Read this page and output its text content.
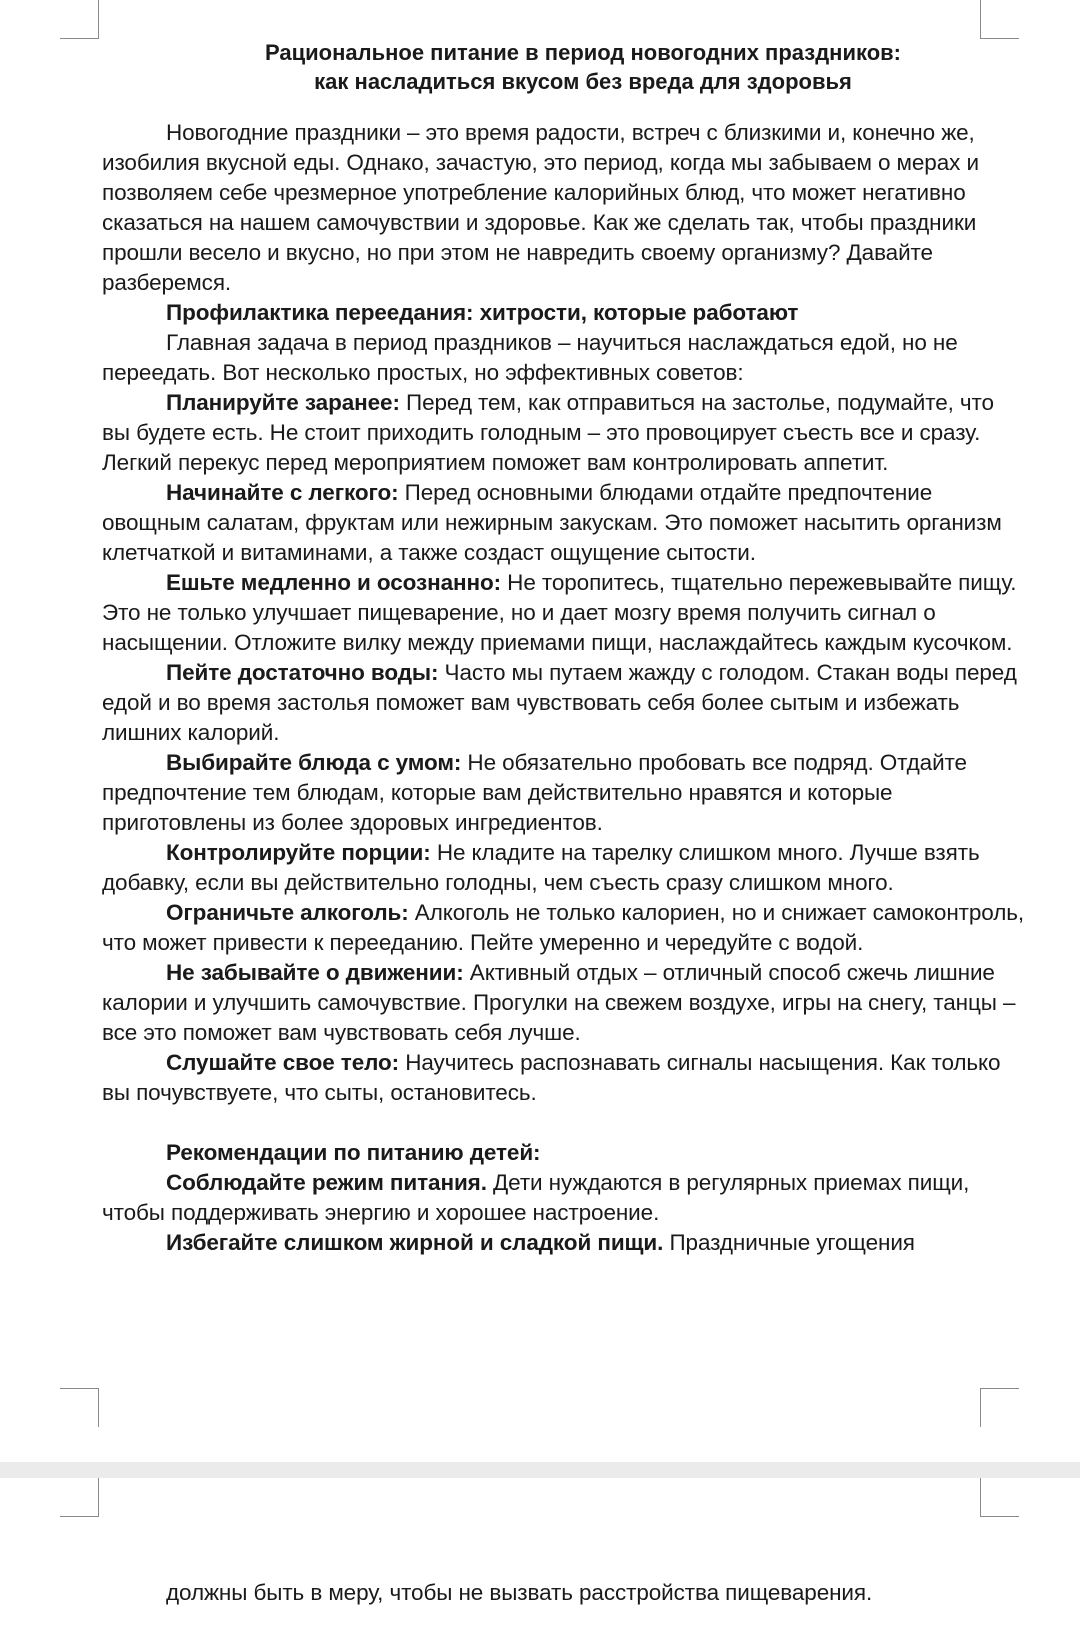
Рациональное питание в период новогодних праздников:
как насладиться вкусом без вреда для здоровья

Новогодние праздники – это время радости, встреч с близкими и, конечно же, изобилия вкусной еды. Однако, зачастую, это период, когда мы забываем о мерах и позволяем себе чрезмерное употребление калорийных блюд, что может негативно сказаться на нашем самочувствии и здоровье. Как же сделать так, чтобы праздники прошли весело и вкусно, но при этом не навредить своему организму? Давайте разберемся.

Профилактика переедания: хитрости, которые работают

Главная задача в период праздников – научиться наслаждаться едой, но не переедать. Вот несколько простых, но эффективных советов:

Планируйте заранее: Перед тем, как отправиться на застолье, подумайте, что вы будете есть. Не стоит приходить голодным – это провоцирует съесть все и сразу. Легкий перекус перед мероприятием поможет вам контролировать аппетит.

Начинайте с легкого: Перед основными блюдами отдайте предпочтение овощным салатам, фруктам или нежирным закускам. Это поможет насытить организм клетчаткой и витаминами, а также создаст ощущение сытости.

Ешьте медленно и осознанно: Не торопитесь, тщательно пережевывайте пищу. Это не только улучшает пищеварение, но и дает мозгу время получить сигнал о насыщении. Отложите вилку между приемами пищи, наслаждайтесь каждым кусочком.

Пейте достаточно воды: Часто мы путаем жажду с голодом. Стакан воды перед едой и во время застолья поможет вам чувствовать себя более сытым и избежать лишних калорий.

Выбирайте блюда с умом: Не обязательно пробовать все подряд. Отдайте предпочтение тем блюдам, которые вам действительно нравятся и которые приготовлены из более здоровых ингредиентов.

Контролируйте порции: Не кладите на тарелку слишком много. Лучше взять добавку, если вы действительно голодны, чем съесть сразу слишком много.

Ограничьте алкоголь: Алкоголь не только калориен, но и снижает самоконтроль, что может привести к перееданию. Пейте умеренно и чередуйте с водой.

Не забывайте о движении: Активный отдых – отличный способ сжечь лишние калории и улучшить самочувствие. Прогулки на свежем воздухе, игры на снегу, танцы – все это поможет вам чувствовать себя лучше.

Слушайте свое тело: Научитесь распознавать сигналы насыщения. Как только вы почувствуете, что сыты, остановитесь.

Рекомендации по питанию детей:

Соблюдайте режим питания. Дети нуждаются в регулярных приемах пищи, чтобы поддерживать энергию и хорошее настроение.

Избегайте слишком жирной и сладкой пищи. Праздничные угощения

должны быть в меру, чтобы не вызвать расстройства пищеварения.
